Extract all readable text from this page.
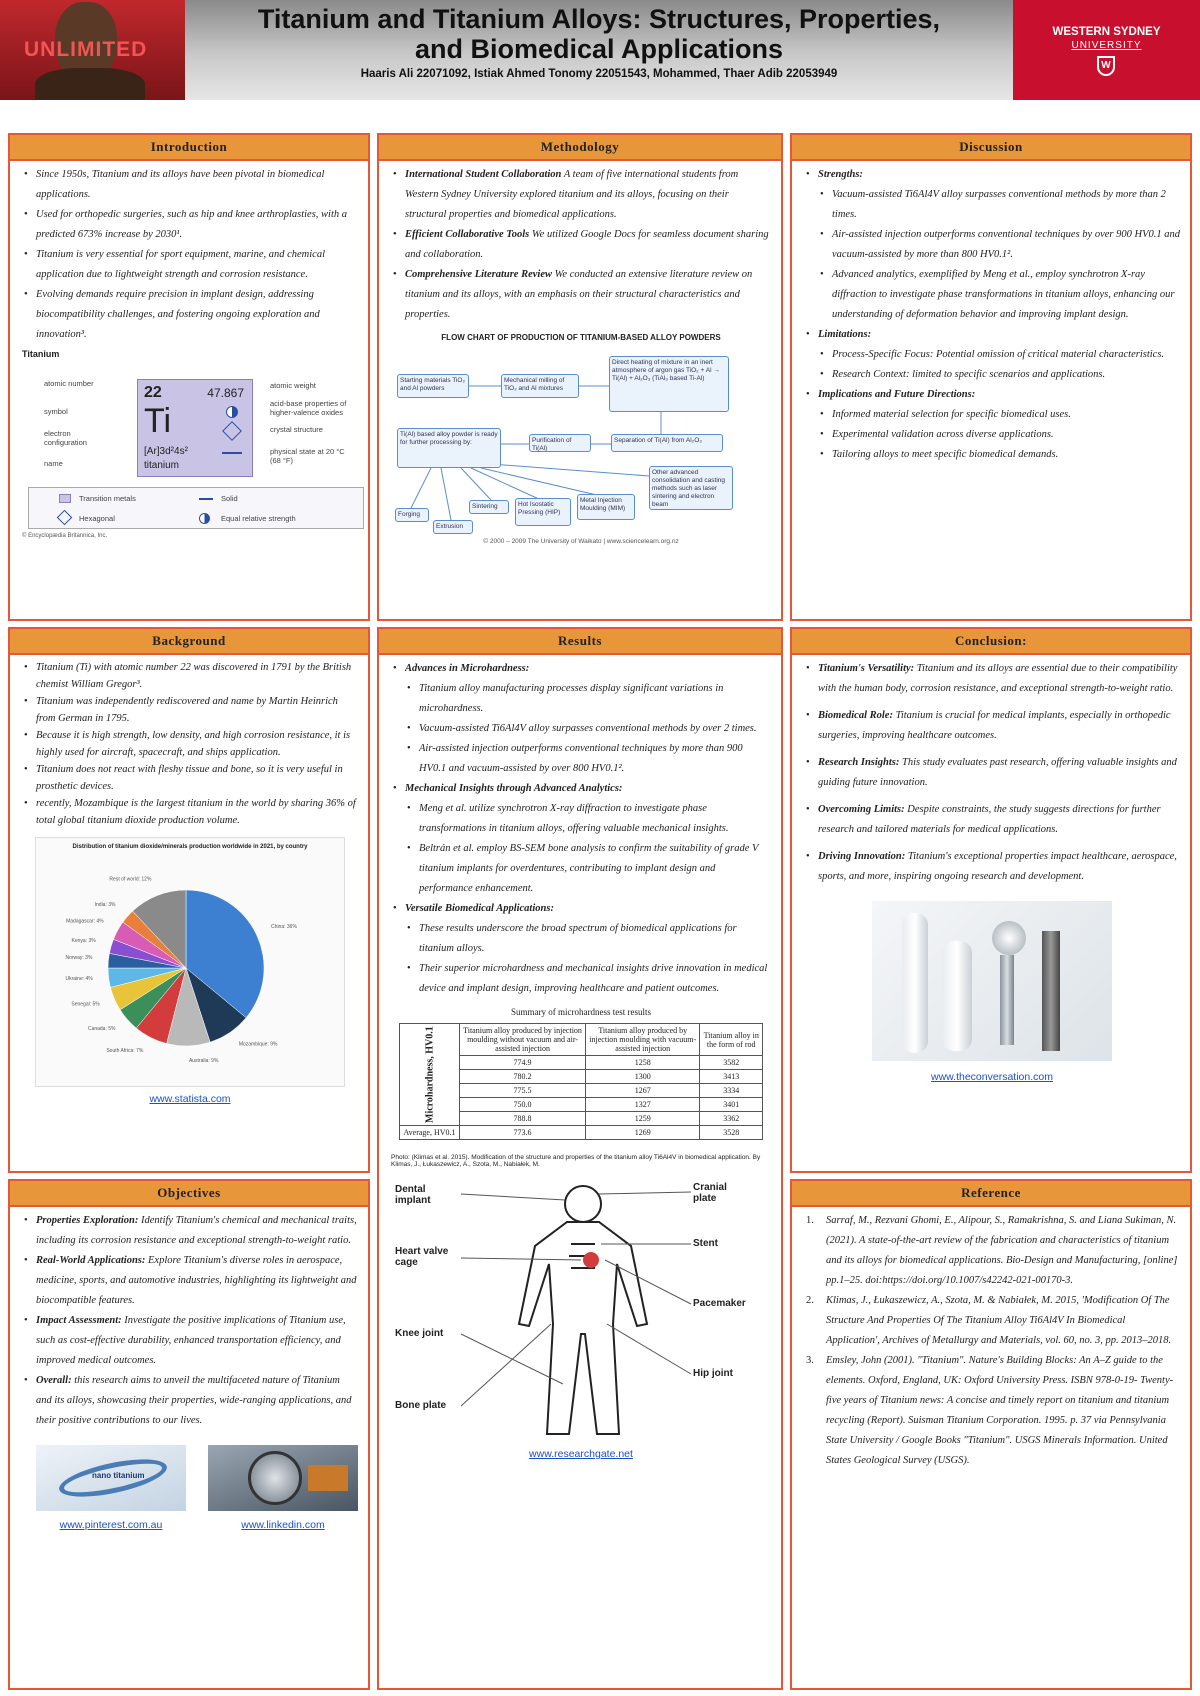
UNLIMITED
Titanium and Titanium Alloys: Structures, Properties,
and Biomedical Applications
Haaris Ali 22071092, Istiak Ahmed Tonomy 22051543, Mohammed, Thaer Adib 22053949
WESTERN SYDNEY
UNIVERSITY
W
Introduction
• Since 1950s, Titanium and its alloys have been pivotal in biomedical applications.
• Used for orthopedic surgeries, such as hip and knee arthroplasties, with a predicted 673% increase by 2030¹.
• Titanium is very essential for sport equipment, marine, and chemical application due to lightweight strength and corrosion resistance.
• Evolving demands require precision in implant design, addressing biocompatibility challenges, and fostering ongoing exploration and innovation³.
Titanium
atomic number
symbol
electron configuration
name
22	47.867
Ti
[Ar]3d²4s²
titanium
atomic weight
acid-base properties of higher-valence oxides
crystal structure
physical state at 20 °C (68 °F)
Transition metals	Solid
Hexagonal	Equal relative strength
© Encyclopædia Britannica, Inc.
Methodology
• International Student Collaboration A team of five international students from Western Sydney University explored titanium and its alloys, focusing on their structural properties and biomedical applications.
• Efficient Collaborative Tools We utilized Google Docs for seamless document sharing and collaboration.
• Comprehensive Literature Review We conducted an extensive literature review on titanium and its alloys, with an emphasis on their structural characteristics and properties.
FLOW CHART OF PRODUCTION OF TITANIUM-BASED ALLOY POWDERS
Starting materials TiO₂ and Al powders
Mechanical milling of TiO₂ and Al mixtures
Direct heating of mixture in an inert atmosphere of argon gas TiO₂ + Al → Ti(Al) + Al₂O₃ (TiAl₃ based Ti-Al)
Purification of Ti(Al)
Separation of Ti(Al) from Al₂O₃
Ti(Al) based alloy powder is ready for further processing by:
Forging
Extrusion
Sintering	Hot Isostatic Pressing (HIP)
Metal Injection Moulding (MIM)
Other advanced consolidation and casting methods such as laser sintering and electron beam
© 2000 – 2009 The University of Waikato | www.sciencelearn.org.nz
Discussion
• Strengths:
• Vacuum-assisted Ti6Al4V alloy surpasses conventional methods by more than 2 times.
• Air-assisted injection outperforms conventional techniques by over 900 HV0.1 and vacuum-assisted by more than 800 HV0.1².
• Advanced analytics, exemplified by Meng et al., employ synchrotron X-ray diffraction to investigate phase transformations in titanium alloys, enhancing our understanding of deformation behavior and improving implant design.
• Limitations:
• Process-Specific Focus: Potential omission of critical material characteristics.
• Research Context: limited to specific scenarios and applications.
• Implications and Future Directions:
• Informed material selection for specific biomedical uses.
• Experimental validation across diverse applications.
• Tailoring alloys to meet specific biomedical demands.
Background
• Titanium (Ti) with atomic number 22 was discovered in 1791 by the British chemist William Gregor³.
• Titanium was independently rediscovered and name by Martin Heinrich from German in 1795.
• Because it is high strength, low density, and high corrosion resistance, it is highly used for aircraft, spacecraft, and ships application.
• Titanium does not react with fleshy tissue and bone, so it is very useful in prosthetic devices.
• recently, Mozambique is the largest titanium in the world by sharing 36% of total global titanium dioxide production volume.
Distribution of titanium dioxide/minerals production worldwide in 2021, by country
China: 36%
Mozambique: 9%
Australia: 9%
South Africa: 7%
Canada: 5%
Senegal: 5%
Ukraine: 4%
Norway: 3%
Kenya: 3%
Madagascar: 4%
India: 3%
Rest of world: 12%
www.statista.com
Results
• Advances in Microhardness:
• Titanium alloy manufacturing processes display significant variations in microhardness.
• Vacuum-assisted Ti6Al4V alloy surpasses conventional methods by over 2 times.
• Air-assisted injection outperforms conventional techniques by more than 900 HV0.1 and vacuum-assisted by over 800 HV0.1².
• Mechanical Insights through Advanced Analytics:
• Meng et al. utilize synchrotron X-ray diffraction to investigate phase transformations in titanium alloys, offering valuable mechanical insights.
• Beltrán et al. employ BS-SEM bone analysis to confirm the suitability of grade V titanium implants for overdentures, contributing to implant design and performance enhancement.
• Versatile Biomedical Applications:
• These results underscore the broad spectrum of biomedical applications for titanium alloys.
• Their superior microhardness and mechanical insights drive innovation in medical device and implant design, improving healthcare and patient outcomes.
Summary of microhardness test results
Microhardness, HV0.1	Titanium alloy produced by injection moulding without vacuum and air-assisted injection	Titanium alloy produced by injection moulding with vacuum-assisted injection	Titanium alloy in the form of rod
	774.9	1258	3582
	780.2	1300	3413
	775.5	1267	3334
	750.0	1327	3401
	788.8	1259	3362
Average, HV0.1	773.6	1269	3528
Photo: (Klimas et al. 2015). Modification of the structure and properties of the titanium alloy Ti6Al4V in biomedical application. By Klimas, J., Łukaszewicz, A., Szota, M., Nabiałek, M.
Dental implant
Heart valve cage
Knee joint
Bone plate
Cranial plate
Stent
Pacemaker
Hip joint
www.researchgate.net
Conclusion:
• Titanium's Versatility: Titanium and its alloys are essential due to their compatibility with the human body, corrosion resistance, and exceptional strength-to-weight ratio.
• Biomedical Role: Titanium is crucial for medical implants, especially in orthopedic surgeries, improving healthcare outcomes.
• Research Insights: This study evaluates past research, offering valuable insights and guiding future innovation.
• Overcoming Limits: Despite constraints, the study suggests directions for further research and tailored materials for medical applications.
• Driving Innovation: Titanium's exceptional properties impact healthcare, aerospace, sports, and more, inspiring ongoing research and development.
www.theconversation.com
Objectives
• Properties Exploration: Identify Titanium's chemical and mechanical traits, including its corrosion resistance and exceptional strength-to-weight ratio.
• Real-World Applications: Explore Titanium's diverse roles in aerospace, medicine, sports, and automotive industries, highlighting its lightweight and biocompatible features.
• Impact Assessment: Investigate the positive implications of Titanium use, such as cost-effective durability, enhanced transportation efficiency, and improved medical outcomes.
• Overall: this research aims to unveil the multifaceted nature of Titanium and its alloys, showcasing their properties, wide-ranging applications, and their positive contributions to our lives.
nano titanium
www.pinterest.com.au	www.linkedin.com
Reference
1. Sarraf, M., Rezvani Ghomi, E., Alipour, S., Ramakrishna, S. and Liana Sukiman, N. (2021). A state-of-the-art review of the fabrication and characteristics of titanium and its alloys for biomedical applications. Bio-Design and Manufacturing, [online] pp.1–25. doi:https://doi.org/10.1007/s42242-021-00170-3.
2. Klimas, J., Łukaszewicz, A., Szota, M. & Nabiałek, M. 2015, 'Modification Of The Structure And Properties Of The Titanium Alloy Ti6Al4V In Biomedical Application', Archives of Metallurgy and Materials, vol. 60, no. 3, pp. 2013–2018.
3. Emsley, John (2001). "Titanium". Nature's Building Blocks: An A–Z guide to the elements. Oxford, England, UK: Oxford University Press. ISBN 978-0-19- Twenty-five years of Titanium news: A concise and timely report on titanium and titanium recycling (Report). Suisman Titanium Corporation. 1995. p. 37 via Pennsylvania State University / Google Books "Titanium". USGS Minerals Information. United States Geological Survey (USGS).
